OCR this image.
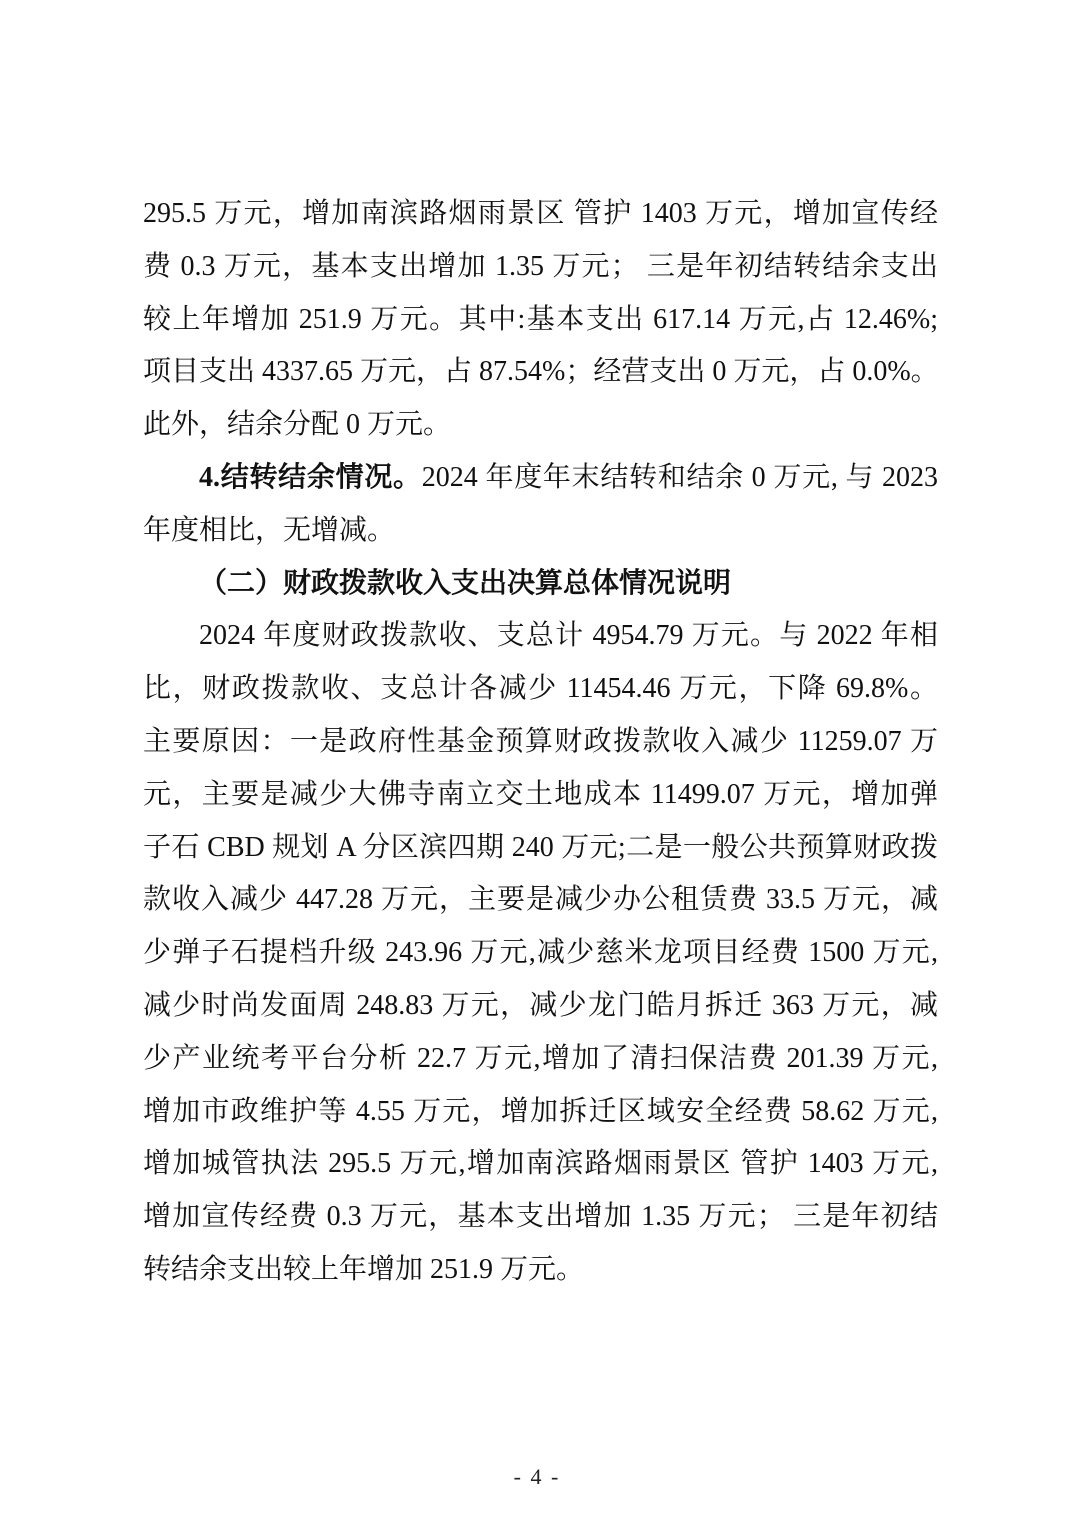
295.5 万元，增加南滨路烟雨景区 管护 1403 万元，增加宣传经
费 0.3 万元，基本支出增加 1.35 万元； 三是年初结转结余支出
较上年增加 251.9 万元。其中:基本支出 617.14 万元,占 12.46%;
项目支出 4337.65 万元，占 87.54%；经营支出 0 万元，占 0.0%。
此外，结余分配 0 万元。
4.结转结余情况。2024 年度年末结转和结余 0 万元, 与 2023
年度相比，无增减。
（二）财政拨款收入支出决算总体情况说明
2024 年度财政拨款收、支总计 4954.79 万元。与 2022 年相
比，财政拨款收、支总计各减少 11454.46 万元，下降 69.8%。
主要原因：一是政府性基金预算财政拨款收入减少 11259.07 万
元，主要是减少大佛寺南立交土地成本 11499.07 万元，增加弹
子石 CBD 规划 A 分区滨四期 240 万元;二是一般公共预算财政拨
款收入减少 447.28 万元，主要是减少办公租赁费 33.5 万元，减
少弹子石提档升级 243.96 万元,减少慈米龙项目经费 1500 万元,
减少时尚发面周 248.83 万元，减少龙门皓月拆迁 363 万元，减
少产业统考平台分析 22.7 万元,增加了清扫保洁费 201.39 万元,
增加市政维护等 4.55 万元，增加拆迁区域安全经费 58.62 万元,
增加城管执法 295.5 万元,增加南滨路烟雨景区 管护 1403 万元,
增加宣传经费 0.3 万元，基本支出增加 1.35 万元； 三是年初结
转结余支出较上年增加 251.9 万元。
- 4 -
